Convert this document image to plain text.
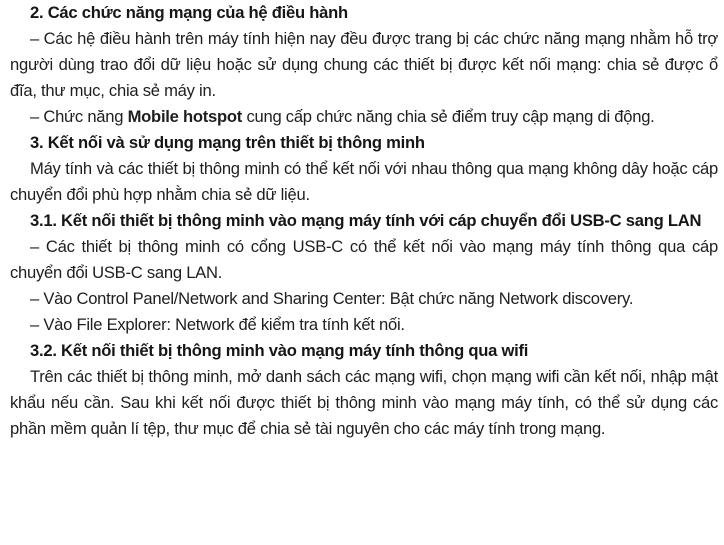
2. Các chức năng mạng của hệ điều hành

– Các hệ điều hành trên máy tính hiện nay đều được trang bị các chức năng mạng nhằm hỗ trợ người dùng trao đổi dữ liệu hoặc sử dụng chung các thiết bị được kết nối mạng: chia sẻ được ổ đĩa, thư mục, chia sẻ máy in.

– Chức năng Mobile hotspot cung cấp chức năng chia sẻ điểm truy cập mạng di động.

3. Kết nối và sử dụng mạng trên thiết bị thông minh

Máy tính và các thiết bị thông minh có thể kết nối với nhau thông qua mạng không dây hoặc cáp chuyển đổi phù hợp nhằm chia sẻ dữ liệu.

3.1. Kết nối thiết bị thông minh vào mạng máy tính với cáp chuyển đổi USB-C sang LAN

– Các thiết bị thông minh có cổng USB-C có thể kết nối vào mạng máy tính thông qua cáp chuyển đổi USB-C sang LAN.

– Vào Control Panel/Network and Sharing Center: Bật chức năng Network discovery.

– Vào File Explorer: Network để kiểm tra tính kết nối.

3.2. Kết nối thiết bị thông minh vào mạng máy tính thông qua wifi

Trên các thiết bị thông minh, mở danh sách các mạng wifi, chọn mạng wifi cần kết nối, nhập mật khẩu nếu cần. Sau khi kết nối được thiết bị thông minh vào mạng máy tính, có thể sử dụng các phần mềm quản lí tệp, thư mục để chia sẻ tài nguyên cho các máy tính trong mạng.
